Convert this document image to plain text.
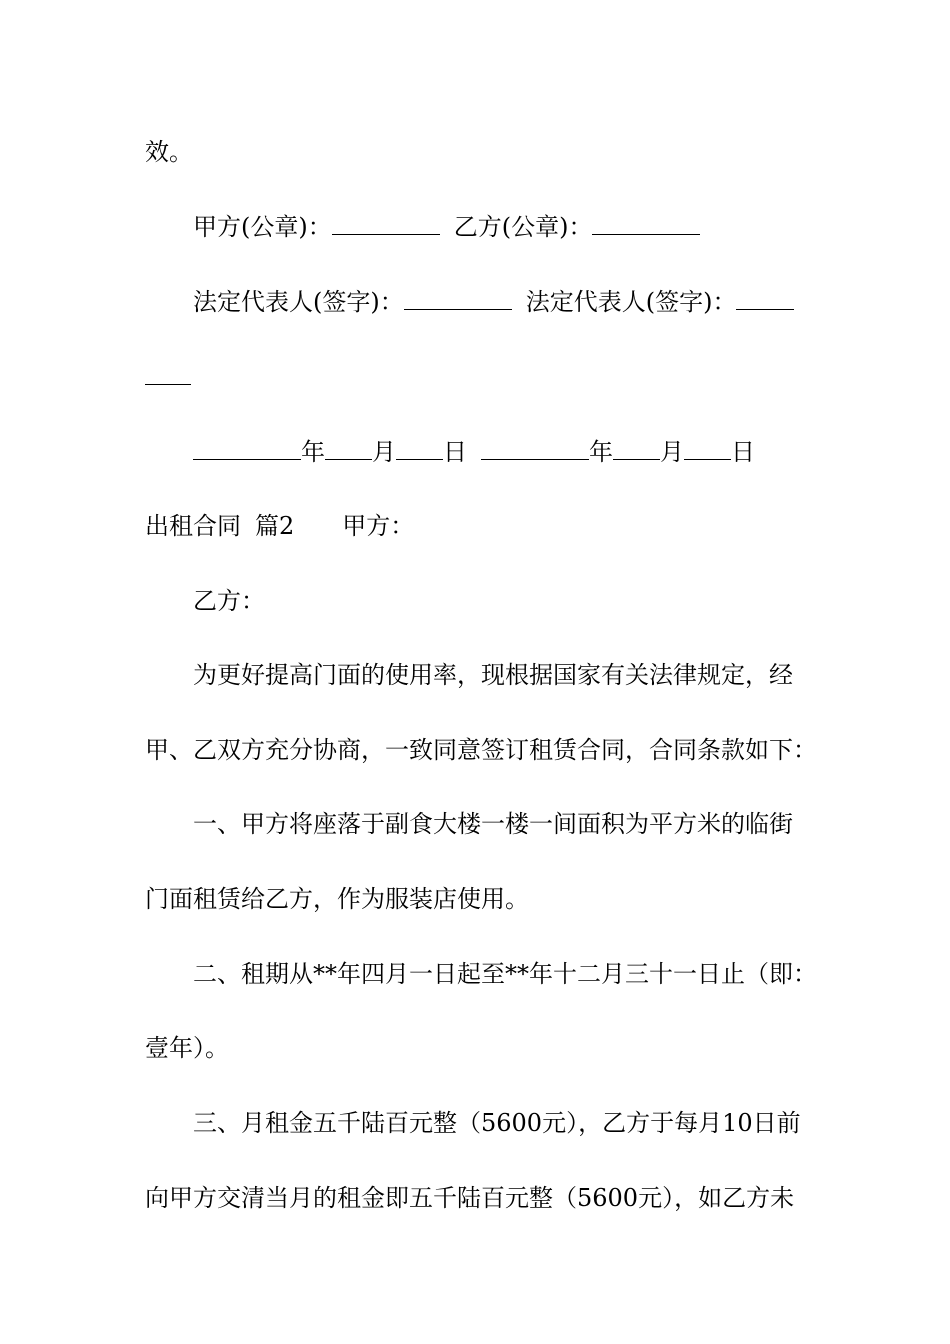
效。

甲方(公章)：	乙方(公章)：

法定代表人(签字)：	法定代表人(签字)：

年 月 日	年 月 日

出租合同 篇2 甲方：

乙方：

为更好提高门面的使用率，现根据国家有关法律规定，经

甲、乙双方充分协商，一致同意签订租赁合同，合同条款如下：

一、甲方将座落于副食大楼一楼一间面积为平方米的临街

门面租赁给乙方，作为服装店使用。

二、租期从**年四月一日起至**年十二月三十一日止（即：

壹年）。

三、月租金五千陆百元整（5600元），乙方于每月10日前

向甲方交清当月的租金即五千陆百元整（5600元），如乙方未
